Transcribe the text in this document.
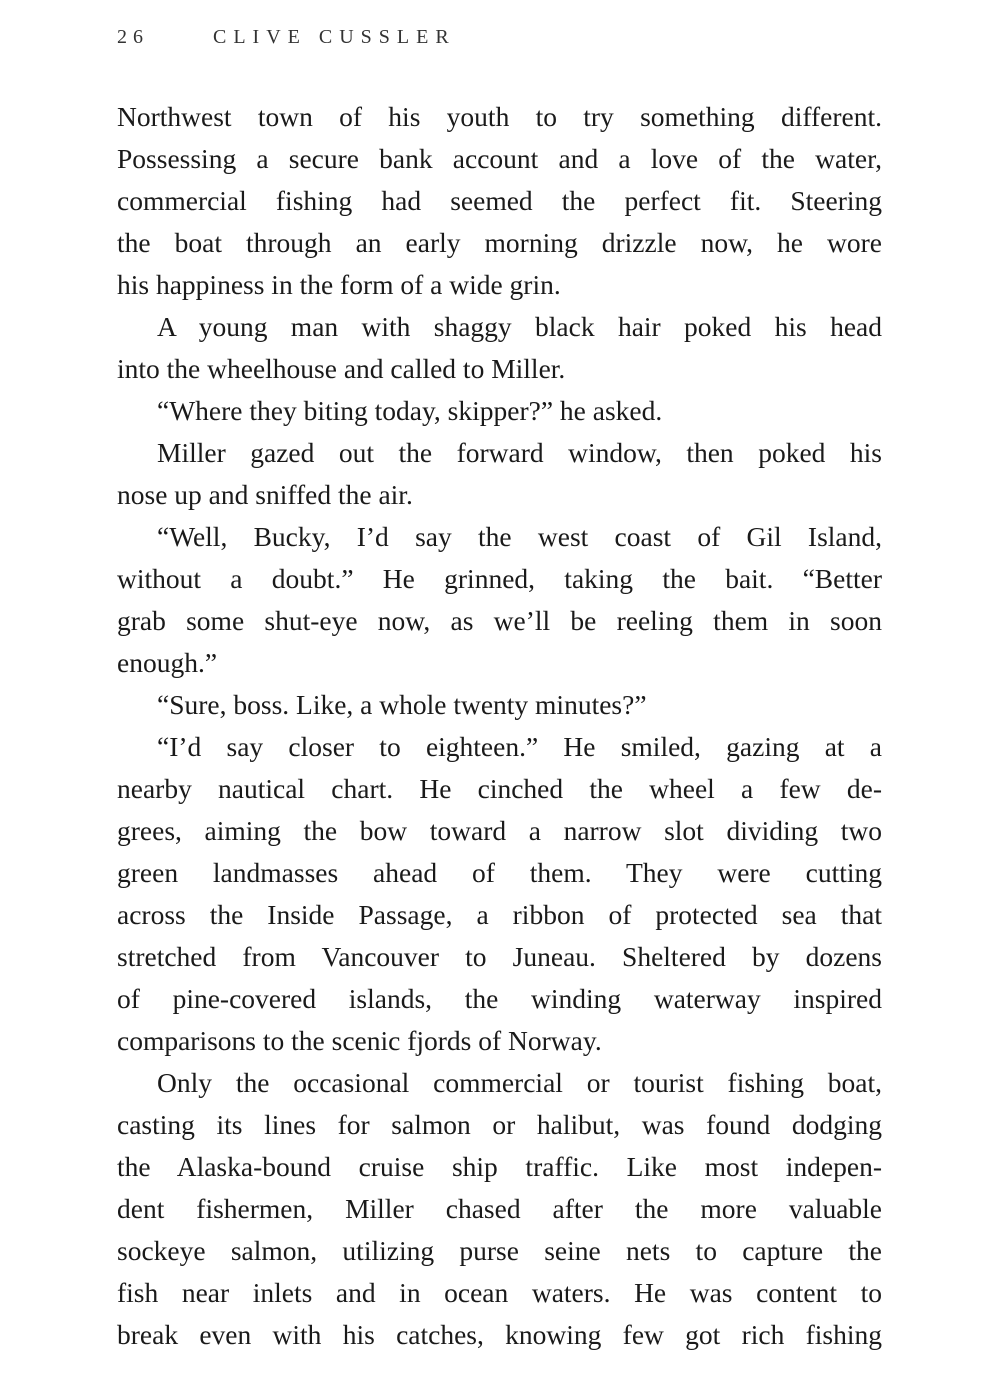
26	CLIVE CUSSLER
Northwest town of his youth to try something different.
Possessing a secure bank account and a love of the water,
commercial fishing had seemed the perfect fit. Steering
the boat through an early morning drizzle now, he wore
his happiness in the form of a wide grin.
A young man with shaggy black hair poked his head
into the wheelhouse and called to Miller.
“Where they biting today, skipper?” he asked.
Miller gazed out the forward window, then poked his
nose up and sniffed the air.
“Well, Bucky, I’d say the west coast of Gil Island,
without a doubt.” He grinned, taking the bait. “Better
grab some shut-eye now, as we’ll be reeling them in soon
enough.”
“Sure, boss. Like, a whole twenty minutes?”
“I’d say closer to eighteen.” He smiled, gazing at a
nearby nautical chart. He cinched the wheel a few de-
grees, aiming the bow toward a narrow slot dividing two
green landmasses ahead of them. They were cutting
across the Inside Passage, a ribbon of protected sea that
stretched from Vancouver to Juneau. Sheltered by dozens
of pine-covered islands, the winding waterway inspired
comparisons to the scenic fjords of Norway.
Only the occasional commercial or tourist fishing boat,
casting its lines for salmon or halibut, was found dodging
the Alaska-bound cruise ship traffic. Like most indepen-
dent fishermen, Miller chased after the more valuable
sockeye salmon, utilizing purse seine nets to capture the
fish near inlets and in ocean waters. He was content to
break even with his catches, knowing few got rich fishing
